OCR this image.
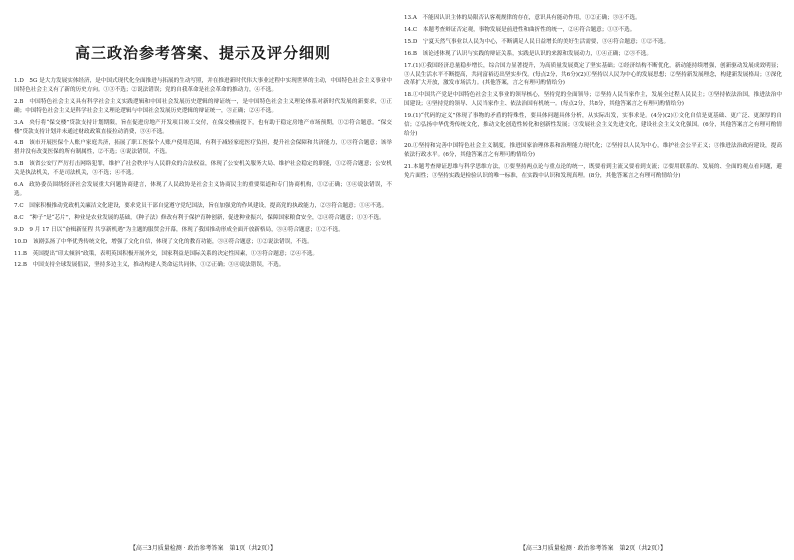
高三政治参考答案、提示及评分细则

1.D　5G 是大力发展实体经济，是中国式现代化全面推进与拓展的生动写照，并在推进新时代伟大事业过程中实现世界的主动，中国特色社会主义事业中国特色社会主义有了新的历史方向。①③不选；②说法错误；党的自我革命是社会革命的推动力，④不选。

2.B　中国特色社会主义具有科学社会主义实践逻辑和中国社会发展历史逻辑的辩证统一，是中国特色社会主义理论体系对新时代发展的新要求，①正确；中国特色社会主义是科学社会主义理论逻辑与中国社会发展历史逻辑的辩证统一，③正确；②④不选。

3.A　央行将“保交楼”贷款支持计划期限，旨在促进房地产开发项目竣工交付，在保交楼前提下，也有助于稳定房地产市场预期，①②符合题意。“保交楼”贷款支持计划并未通过财政政策直接拉动消费，③④不选。

4.B　该市开展医保个人账户家庭共济，拓展了职工医保个人账户使用范围，有利于减轻家庭医疗负担，提升社会保障和共济能力，①③符合题意；该举措并没有改变医保的所有制属性，②不选；④说法错误，不选。

5.B　该省公安厅严厉打击网络犯罪，维护了社会秩序与人民群众的合法权益，体现了公安机关服务大局、维护社会稳定的职能，①②符合题意；公安机关是执法机关，不是司法机关，③不选；④不选。

6.A　政协委员围绕经济社会发展重大问题协商建言，体现了人民政协是社会主义协商民主的重要渠道和专门协商机构，①②正确；③④说法错误，不选。

7.C　国家积极推动党政机关廉洁文化建设，要求党员干部自觉遵守党纪国法，旨在加强党的作风建设，提高党的执政能力，②③符合题意；①④不选。

8.C　“种子”是“芯片”，种业是农业发展的基础，《种子法》修改有利于保护育种创新，促进种业振兴，保障国家粮食安全，②④符合题意；①③不选。

9.D　9 月 17 日以“奋楫新征程 共享新机遇”为主题的服贸会开幕，体现了我国推动形成全面开放新格局，③④符合题意；①②不选。

10.D　该剧弘扬了中华优秀传统文化，增强了文化自信，体现了文化的教育功能，③④符合题意；①②说法错误，不选。

11.B　英国提出“印太倾斜”政策，表明英国积极开展外交，国家利益是国际关系的决定性因素，①③符合题意；②④不选。

12.B　中国支持全球发展倡议，坚持多边主义，推动构建人类命运共同体，①②正确；③④说法错误，不选。

13.A　不能因认识主体的局限否认客观规律的存在，意识具有能动作用，①②正确；③④不选。

14.C　本题考查辩证否定观，事物发展是前进性和曲折性的统一，②④符合题意；①③不选。

15.D　宁夏天然气事业以人民为中心，不断满足人民日益增长的美好生活需要，③④符合题意；①②不选。

16.B　该论述体现了认识与实践的辩证关系，实践是认识的来源和发展动力，①④正确；②③不选。

17.(1)①我国经济总量稳步增长，综合国力显著提升，为高质量发展奠定了坚实基础；②经济结构不断优化，新动能持续增强，创新驱动发展成效明显；③人民生活水平不断提高，共同富裕迈出坚实步伐。(每点2分，共6分)(2)①坚持以人民为中心的发展思想；②坚持新发展理念，构建新发展格局；③深化改革扩大开放，激发市场活力。(其他答案，言之有理可酌情给分)

18.①中国共产党是中国特色社会主义事业的领导核心，坚持党的全面领导；②坚持人民当家作主，发展全过程人民民主；③坚持依法治国，推进法治中国建设；④坚持党的领导、人民当家作主、依法治国有机统一。(每点2分，共8分，其他答案言之有理可酌情给分)

19.(1)“代码的定义”体现了事物的矛盾的特殊性，要具体问题具体分析，从实际出发，实事求是。(4分)(2)①文化自信是更基础、更广泛、更深厚的自信；②弘扬中华优秀传统文化，推动文化创造性转化和创新性发展；③发展社会主义先进文化，建设社会主义文化强国。(6分，其他答案言之有理可酌情给分)

20.①坚持和完善中国特色社会主义制度，推进国家治理体系和治理能力现代化；②坚持以人民为中心，维护社会公平正义；③推进法治政府建设，提高依法行政水平。(6分，其他答案言之有理可酌情给分)

21.本题考查辩证思维与科学思维方法，①要坚持两点论与重点论的统一，既要看到主流又要看到支流；②要用联系的、发展的、全面的观点看问题，避免片面性；③坚持实践是检验认识的唯一标准，在实践中认识和发现真理。(8分，其他答案言之有理可酌情给分)

【高三3月质量检测 · 政治参考答案　第1页（共2页）】	【高三3月质量检测 · 政治参考答案　第2页（共2页）】
